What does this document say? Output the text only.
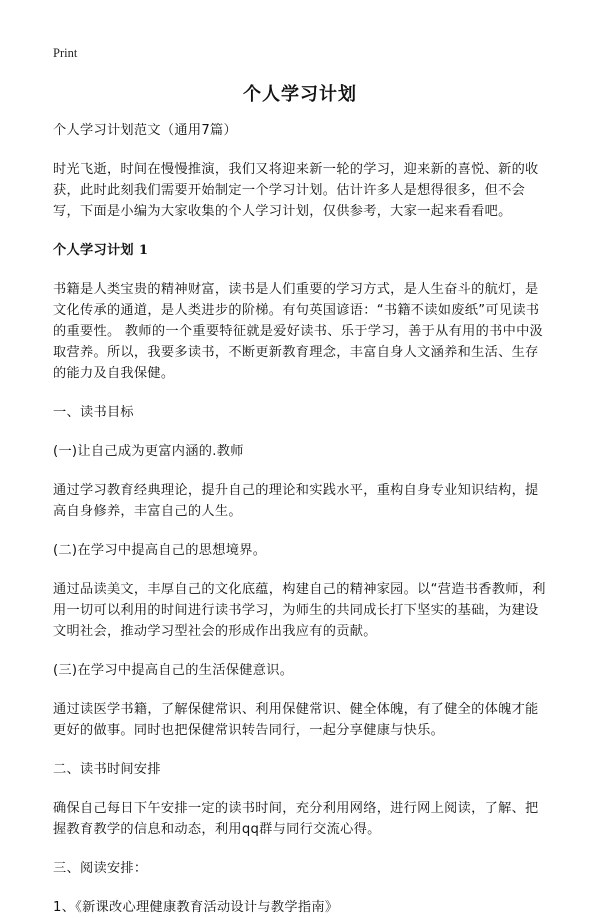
Print
个人学习计划

个人学习计划范文（通用7篇）

时光飞逝，时间在慢慢推演，我们又将迎来新一轮的学习，迎来新的喜悦、新的收获，此时此刻我们需要开始制定一个学习计划。估计许多人是想得很多，但不会写，下面是小编为大家收集的个人学习计划，仅供参考，大家一起来看看吧。

个人学习计划 1

书籍是人类宝贵的精神财富，读书是人们重要的学习方式，是人生奋斗的航灯，是文化传承的通道，是人类进步的阶梯。有句英国谚语：“书籍不读如废纸”可见读书的重要性。 教师的一个重要特征就是爱好读书、乐于学习，善于从有用的书中中汲取营养。所以，我要多读书，不断更新教育理念，丰富自身人文涵养和生活、生存的能力及自我保健。

一、读书目标

(一)让自己成为更富内涵的.教师

通过学习教育经典理论，提升自己的理论和实践水平，重构自身专业知识结构，提高自身修养，丰富自己的人生。

(二)在学习中提高自己的思想境界。

通过品读美文，丰厚自己的文化底蕴，构建自己的精神家园。以“营造书香教师，利用一切可以利用的时间进行读书学习，为师生的共同成长打下坚实的基础，为建设文明社会，推动学习型社会的形成作出我应有的贡献。

(三)在学习中提高自己的生活保健意识。

通过读医学书籍，了解保健常识、利用保健常识、健全体魄，有了健全的体魄才能更好的做事。同时也把保健常识转告同行，一起分享健康与快乐。

二、读书时间安排

确保自己每日下午安排一定的读书时间，充分利用网络，进行网上阅读，了解、把握教育教学的信息和动态，利用qq群与同行交流心得。

三、阅读安排：

1、《新课改心理健康教育活动设计与教学指南》
